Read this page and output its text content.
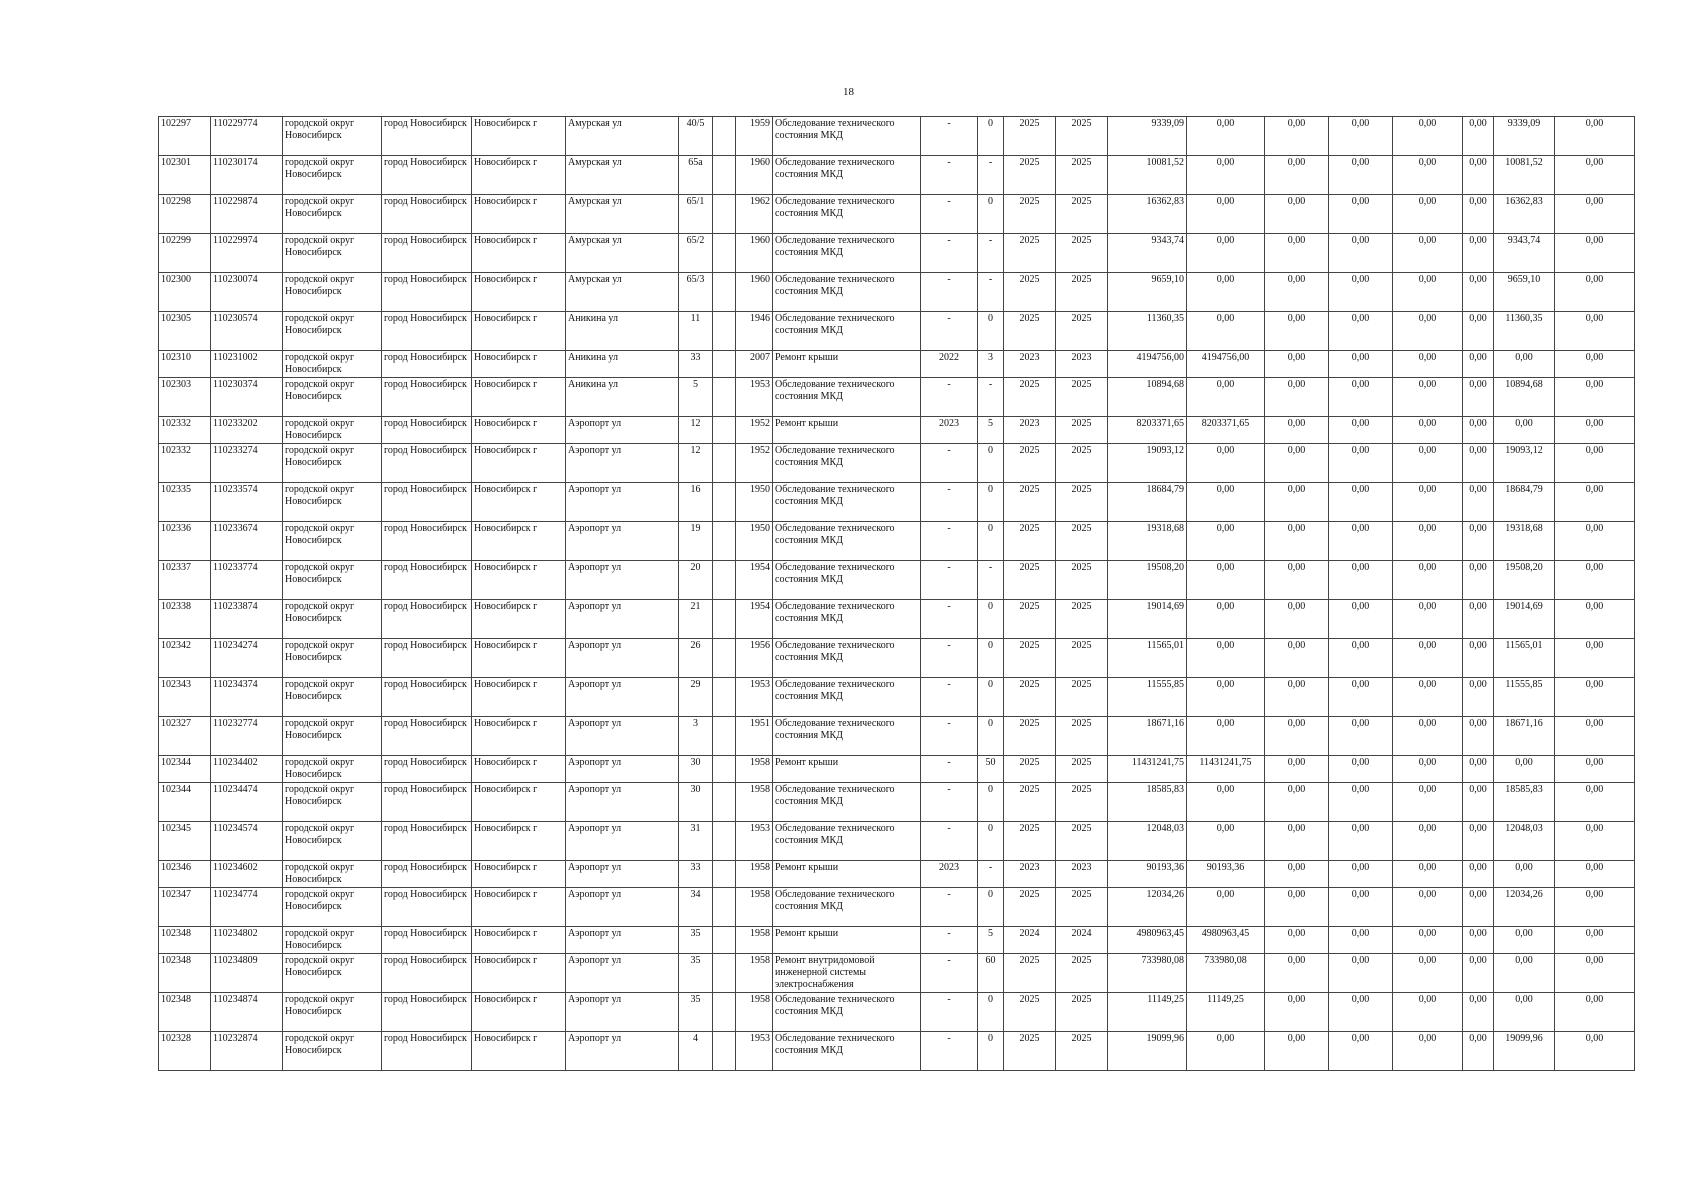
18
102297	110229774	городской округ Новосибирск	город Новосибирск	Новосибирск г	Амурская ул	40/5		1959	Обследование технического состояния МКД	-	0	2025	2025	9339,09	0,00	0,00	0,00	0,00	0,00	9339,09	0,00
102301	110230174	городской округ Новосибирск	город Новосибирск	Новосибирск г	Амурская ул	65а		1960	Обследование технического состояния МКД	-	-	2025	2025	10081,52	0,00	0,00	0,00	0,00	0,00	10081,52	0,00
102298	110229874	городской округ Новосибирск	город Новосибирск	Новосибирск г	Амурская ул	65/1		1962	Обследование технического состояния МКД	-	0	2025	2025	16362,83	0,00	0,00	0,00	0,00	0,00	16362,83	0,00
102299	110229974	городской округ Новосибирск	город Новосибирск	Новосибирск г	Амурская ул	65/2		1960	Обследование технического состояния МКД	-	-	2025	2025	9343,74	0,00	0,00	0,00	0,00	0,00	9343,74	0,00
102300	110230074	городской округ Новосибирск	город Новосибирск	Новосибирск г	Амурская ул	65/3		1960	Обследование технического состояния МКД	-	-	2025	2025	9659,10	0,00	0,00	0,00	0,00	0,00	9659,10	0,00
102305	110230574	городской округ Новосибирск	город Новосибирск	Новосибирск г	Аникина ул	11		1946	Обследование технического состояния МКД	-	0	2025	2025	11360,35	0,00	0,00	0,00	0,00	0,00	11360,35	0,00
102310	110231002	городской округ Новосибирск	город Новосибирск	Новосибирск г	Аникина ул	33		2007	Ремонт крыши	2022	3	2023	2023	4194756,00	4194756,00	0,00	0,00	0,00	0,00	0,00	0,00
102303	110230374	городской округ Новосибирск	город Новосибирск	Новосибирск г	Аникина ул	5		1953	Обследование технического состояния МКД	-	-	2025	2025	10894,68	0,00	0,00	0,00	0,00	0,00	10894,68	0,00
102332	110233202	городской округ Новосибирск	город Новосибирск	Новосибирск г	Аэропорт ул	12		1952	Ремонт крыши	2023	5	2023	2025	8203371,65	8203371,65	0,00	0,00	0,00	0,00	0,00	0,00
102332	110233274	городской округ Новосибирск	город Новосибирск	Новосибирск г	Аэропорт ул	12		1952	Обследование технического состояния МКД	-	0	2025	2025	19093,12	0,00	0,00	0,00	0,00	0,00	19093,12	0,00
102335	110233574	городской округ Новосибирск	город Новосибирск	Новосибирск г	Аэропорт ул	16		1950	Обследование технического состояния МКД	-	0	2025	2025	18684,79	0,00	0,00	0,00	0,00	0,00	18684,79	0,00
102336	110233674	городской округ Новосибирск	город Новосибирск	Новосибирск г	Аэропорт ул	19		1950	Обследование технического состояния МКД	-	0	2025	2025	19318,68	0,00	0,00	0,00	0,00	0,00	19318,68	0,00
102337	110233774	городской округ Новосибирск	город Новосибирск	Новосибирск г	Аэропорт ул	20		1954	Обследование технического состояния МКД	-	-	2025	2025	19508,20	0,00	0,00	0,00	0,00	0,00	19508,20	0,00
102338	110233874	городской округ Новосибирск	город Новосибирск	Новосибирск г	Аэропорт ул	21		1954	Обследование технического состояния МКД	-	0	2025	2025	19014,69	0,00	0,00	0,00	0,00	0,00	19014,69	0,00
102342	110234274	городской округ Новосибирск	город Новосибирск	Новосибирск г	Аэропорт ул	26		1956	Обследование технического состояния МКД	-	0	2025	2025	11565,01	0,00	0,00	0,00	0,00	0,00	11565,01	0,00
102343	110234374	городской округ Новосибирск	город Новосибирск	Новосибирск г	Аэропорт ул	29		1953	Обследование технического состояния МКД	-	0	2025	2025	11555,85	0,00	0,00	0,00	0,00	0,00	11555,85	0,00
102327	110232774	городской округ Новосибирск	город Новосибирск	Новосибирск г	Аэропорт ул	3		1951	Обследование технического состояния МКД	-	0	2025	2025	18671,16	0,00	0,00	0,00	0,00	0,00	18671,16	0,00
102344	110234402	городской округ Новосибирск	город Новосибирск	Новосибирск г	Аэропорт ул	30		1958	Ремонт крыши	-	50	2025	2025	11431241,75	11431241,75	0,00	0,00	0,00	0,00	0,00	0,00
102344	110234474	городской округ Новосибирск	город Новосибирск	Новосибирск г	Аэропорт ул	30		1958	Обследование технического состояния МКД	-	0	2025	2025	18585,83	0,00	0,00	0,00	0,00	0,00	18585,83	0,00
102345	110234574	городской округ Новосибирск	город Новосибирск	Новосибирск г	Аэропорт ул	31		1953	Обследование технического состояния МКД	-	0	2025	2025	12048,03	0,00	0,00	0,00	0,00	0,00	12048,03	0,00
102346	110234602	городской округ Новосибирск	город Новосибирск	Новосибирск г	Аэропорт ул	33		1958	Ремонт крыши	2023	-	2023	2023	90193,36	90193,36	0,00	0,00	0,00	0,00	0,00	0,00
102347	110234774	городской округ Новосибирск	город Новосибирск	Новосибирск г	Аэропорт ул	34		1958	Обследование технического состояния МКД	-	0	2025	2025	12034,26	0,00	0,00	0,00	0,00	0,00	12034,26	0,00
102348	110234802	городской округ Новосибирск	город Новосибирск	Новосибирск г	Аэропорт ул	35		1958	Ремонт крыши	-	5	2024	2024	4980963,45	4980963,45	0,00	0,00	0,00	0,00	0,00	0,00
102348	110234809	городской округ Новосибирск	город Новосибирск	Новосибирск г	Аэропорт ул	35		1958	Ремонт внутридомовой инженерной системы электроснабжения	-	60	2025	2025	733980,08	733980,08	0,00	0,00	0,00	0,00	0,00	0,00
102348	110234874	городской округ Новосибирск	город Новосибирск	Новосибирск г	Аэропорт ул	35		1958	Обследование технического состояния МКД	-	0	2025	2025	11149,25	11149,25	0,00	0,00	0,00	0,00	0,00	0,00
102328	110232874	городской округ Новосибирск	город Новосибирск	Новосибирск г	Аэропорт ул	4		1953	Обследование технического состояния МКД	-	0	2025	2025	19099,96	0,00	0,00	0,00	0,00	0,00	19099,96	0,00
